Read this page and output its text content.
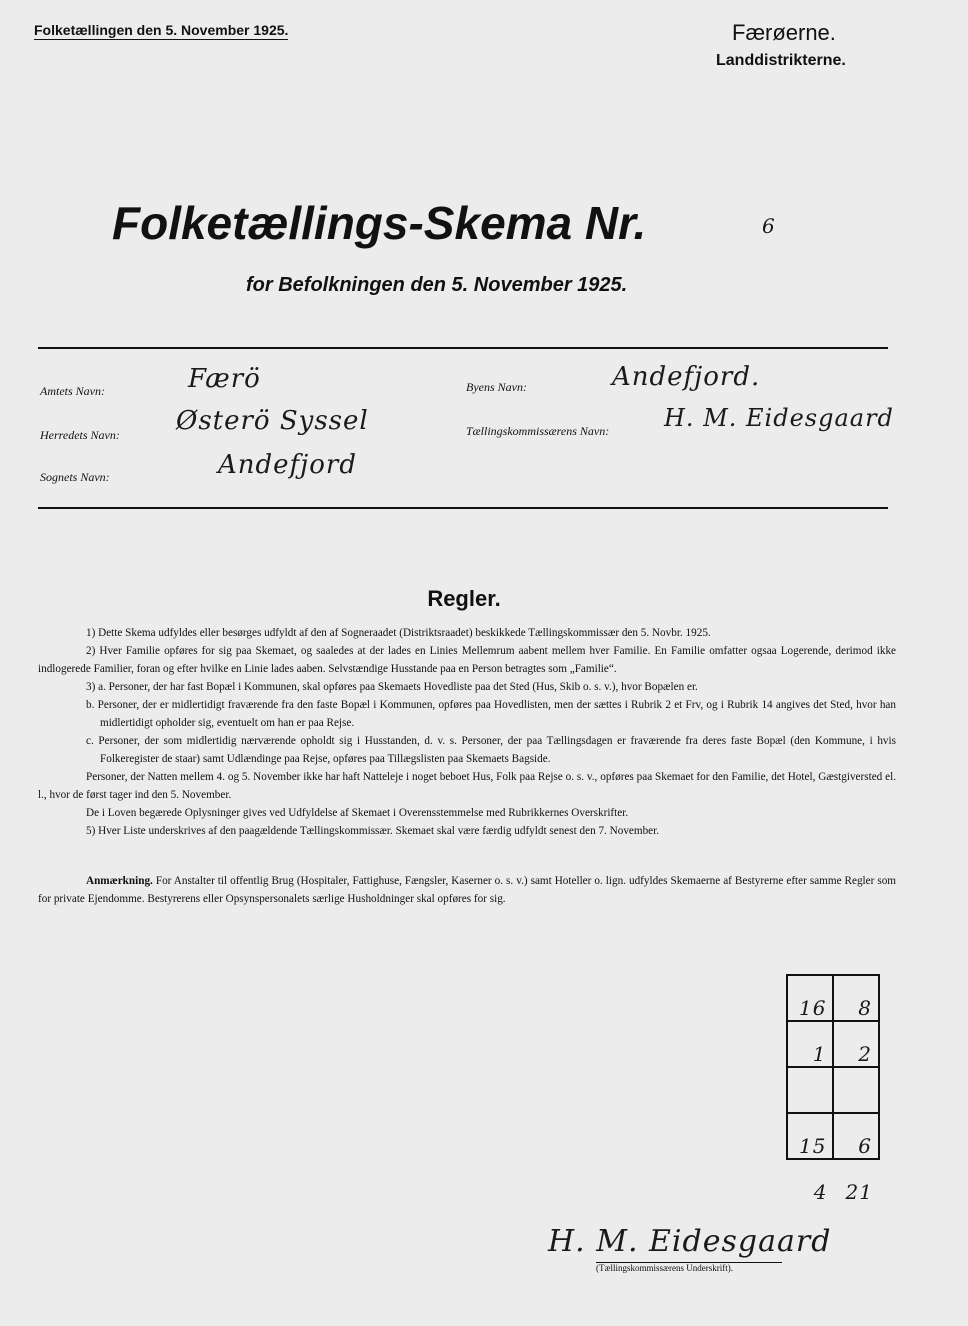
Folketællingen den 5. November 1925.	Færøerne.
Landdistrikterne.
Folketællings-Skema Nr.	6
for Befolkningen den 5. November 1925.
Amtets Navn:	Færö
Herredets Navn: Østerö Syssel
Sognets Navn:	Andefjord
Byens Navn:	Andefjord.
Tællingskommissærens Navn: H. M. Eidesgaard
Regler.

1) Dette Skema udfyldes eller besørges udfyldt af den af Sogneraadet (Distriktsraadet) beskikkede Tællingskommissær den 5. Novbr. 1925.

2) Hver Familie opføres for sig paa Skemaet, og saaledes at der lades en Linies Mellemrum aabent mellem hver Familie. En Familie omfatter ogsaa Logerende, derimod ikke indlogerede Familier, foran og efter hvilke en Linie lades aaben. Selvstændige Husstande paa en Person betragtes som „Familie“.

3) a. Personer, der har fast Bopæl i Kommunen, skal opføres paa Skemaets Hovedliste paa det Sted (Hus, Skib o. s. v.), hvor Bopælen er.

b. Personer, der er midlertidigt fraværende fra den faste Bopæl i Kommunen, opføres paa Hovedlisten, men der sættes i Rubrik 2 et Frv, og i Rubrik 14 angives det Sted, hvor han midlertidigt opholder sig, eventuelt om han er paa Rejse.

c. Personer, der som midlertidig nærværende opholdt sig i Husstanden, d. v. s. Personer, der paa Tællingsdagen er fraværende fra deres faste Bopæl (den Kommune, i hvis Folkeregister de staar) samt Udlændinge paa Rejse, opføres paa Tillægslisten paa Skemaets Bagside.

Personer, der Natten mellem 4. og 5. November ikke har haft Natteleje i noget beboet Hus, Folk paa Rejse o. s. v., opføres paa Skemaet for den Familie, det Hotel, Gæstgiversted el. l., hvor de først tager ind den 5. November.

De i Loven begærede Oplysninger gives ved Udfyldelse af Skemaet i Overensstemmelse med Rubrikkernes Overskrifter.

5) Hver Liste underskrives af den paagældende Tællingskommissær. Skemaet skal være færdig udfyldt senest den 7. November.

Anmærkning. For Anstalter til offentlig Brug (Hospitaler, Fattighuse, Fængsler, Kaserner o. s. v.) samt Hoteller o. lign. udfyldes Skemaerne af Bestyrerne efter samme Regler som for private Ejendomme. Bestyrerens eller Opsynspersonalets særlige Husholdninger skal opføres for sig.

16	8
1	2

15	6
4	21
H. M. Eidesgaard
(Tællingskommissærens Underskrift).
